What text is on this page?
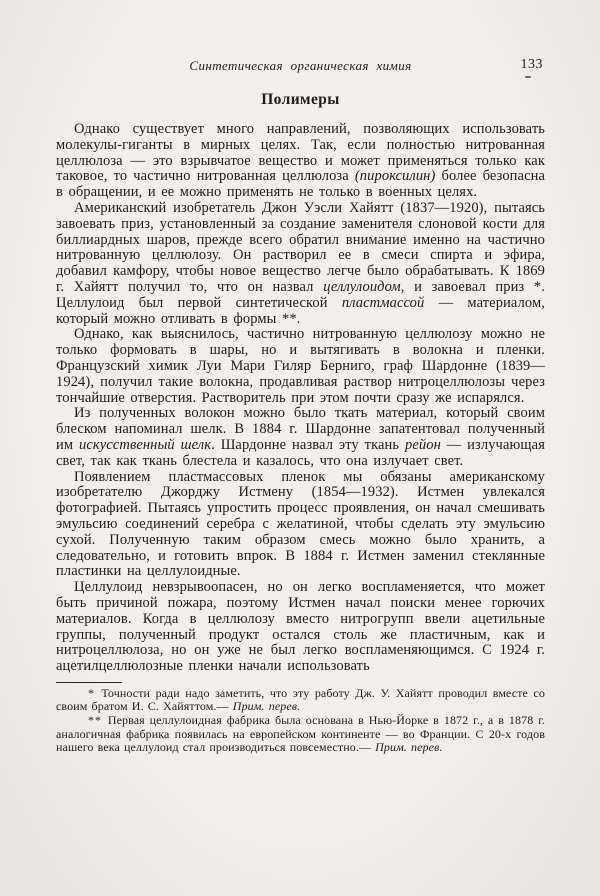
Синтетическая органическая химия	133
Полимеры

Однако существует много направлений, позволяющих использовать молекулы-гиганты в мирных целях. Так, если полностью нитрованная целлюлоза — это взрывчатое вещество и может применяться только как таковое, то частично нитрованная целлюлоза (пироксилин) более безопасна в обращении, и ее можно применять не только в военных целях.

Американский изобретатель Джон Уэсли Хайятт (1837—1920), пытаясь завоевать приз, установленный за создание заменителя слоновой кости для биллиардных шаров, прежде всего обратил внимание именно на частично нитрованную целлюлозу. Он растворил ее в смеси спирта и эфира, добавил камфору, чтобы новое вещество легче было обрабатывать. К 1869 г. Хайятт получил то, что он назвал целлулоидом, и завоевал приз *. Целлулоид был первой синтетической пластмассой — материалом, который можно отливать в формы **.

Однако, как выяснилось, частично нитрованную целлюлозу можно не только формовать в шары, но и вытягивать в волокна и пленки. Французский химик Луи Мари Гиляр Берниго, граф Шардонне (1839—1924), получил такие волокна, продавливая раствор нитроцеллюлозы через тончайшие отверстия. Растворитель при этом почти сразу же испарялся.

Из полученных волокон можно было ткать материал, который своим блеском напоминал шелк. В 1884 г. Шардонне запатентовал полученный им искусственный шелк. Шардонне назвал эту ткань рейон — излучающая свет, так как ткань блестела и казалось, что она излучает свет.

Появлением пластмассовых пленок мы обязаны американскому изобретателю Джорджу Истмену (1854—1932). Истмен увлекался фотографией. Пытаясь упростить процесс проявления, он начал смешивать эмульсию соединений серебра с желатиной, чтобы сделать эту эмульсию сухой. Полученную таким образом смесь можно было хранить, а следовательно, и готовить впрок. В 1884 г. Истмен заменил стеклянные пластинки на целлулоидные.

Целлулоид невзрывоопасен, но он легко воспламеняется, что может быть причиной пожара, поэтому Истмен начал поиски менее горючих материалов. Когда в целлюлозу вместо нитрогрупп ввели ацетильные группы, полученный продукт остался столь же пластичным, как и нитроцеллюлоза, но он уже не был легко воспламеняющимся. С 1924 г. ацетилцеллюлозные пленки начали использовать

* Точности ради надо заметить, что эту работу Дж. У. Хайятт проводил вместе со своим братом И. С. Хайяттом.— Прим. перев.

** Первая целлулоидная фабрика была основана в Нью-Йорке в 1872 г., а в 1878 г. аналогичная фабрика появилась на европейском континенте — во Франции. С 20-х годов нашего века целлулоид стал производиться повсеместно.— Прим. перев.
